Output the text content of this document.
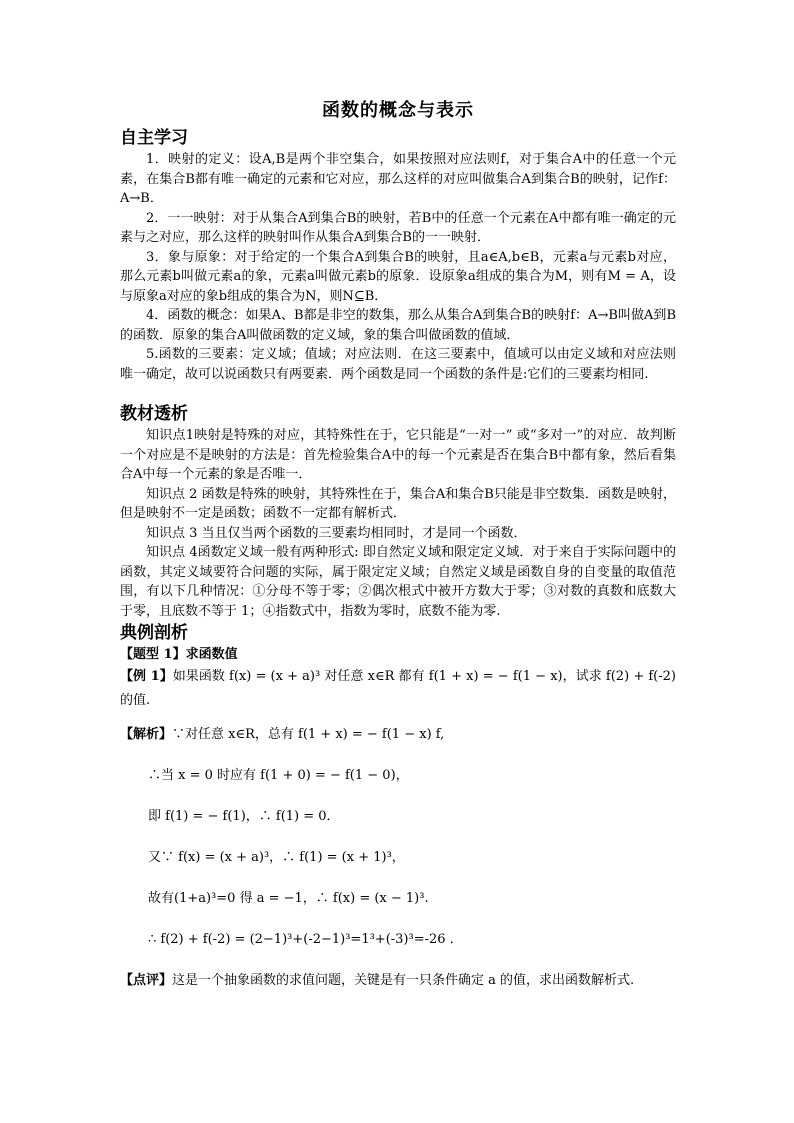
函数的概念与表示
自主学习

1．映射的定义：设A,B是两个非空集合，如果按照对应法则f，对于集合A中的任意一个元素，在集合B都有唯一确定的元素和它对应，那么这样的对应叫做集合A到集合B的映射，记作f：A→B．

2．一一映射：对于从集合A到集合B的映射，若B中的任意一个元素在A中都有唯一确定的元素与之对应，那么这样的映射叫作从集合A到集合B的一一映射．

3．象与原象：对于给定的一个集合A到集合B的映射，且a∈A,b∈B，元素a与元素b对应，那么元素b叫做元素a的象，元素a叫做元素b的原象．设原象a组成的集合为M，则有M = A，设与原象a对应的象b组成的集合为N，则N⊆B．

4．函数的概念：如果A、B都是非空的数集，那么从集合A到集合B的映射f：A→B叫做A到B的函数．原象的集合A叫做函数的定义域，象的集合叫做函数的值域．

5.函数的三要素：定义域；值域；对应法则．在这三要素中，值域可以由定义域和对应法则唯一确定，故可以说函数只有两要素．两个函数是同一个函数的条件是:它们的三要素均相同.

教材透析

知识点1映射是特殊的对应，其特殊性在于，它只能是“一对一” 或“多对一”的对应．故判断一个对应是不是映射的方法是：首先检验集合A中的每一个元素是否在集合B中都有象，然后看集合A中每一个元素的象是否唯一．

知识点 2 函数是特殊的映射，其特殊性在于，集合A和集合B只能是非空数集．函数是映射，但是映射不一定是函数；函数不一定都有解析式．

知识点 3 当且仅当两个函数的三要素均相同时，才是同一个函数．

知识点 4函数定义域一般有两种形式: 即自然定义域和限定定义域．对于来自于实际问题中的函数，其定义域要符合问题的实际，属于限定定义域；自然定义域是函数自身的自变量的取值范围，有以下几种情况：①分母不等于零；②偶次根式中被开方数大于零；③对数的真数和底数大于零，且底数不等于 1；④指数式中，指数为零时，底数不能为零.

典例剖析

【题型 1】求函数值

【例 1】如果函数 f(x) = (x + a)³ 对任意 x∈R 都有 f(1 + x) = − f(1 − x)，试求 f(2) + f(-2) 的值.

【解析】∵对任意 x∈R，总有 f(1 + x) = − f(1 − x) f,

∴当 x = 0 时应有 f(1 + 0) = − f(1 − 0)，

即 f(1) = − f(1)，∴ f(1) = 0．

又∵ f(x) = (x + a)³，∴ f(1) = (x + 1)³，

故有(1+a)³=0 得 a = −1，∴ f(x) = (x − 1)³.

∴ f(2) + f(-2) = (2−1)³+(-2−1)³=1³+(-3)³=-26 ．

【点评】这是一个抽象函数的求值问题，关键是有一只条件确定 a 的值，求出函数解析式.
